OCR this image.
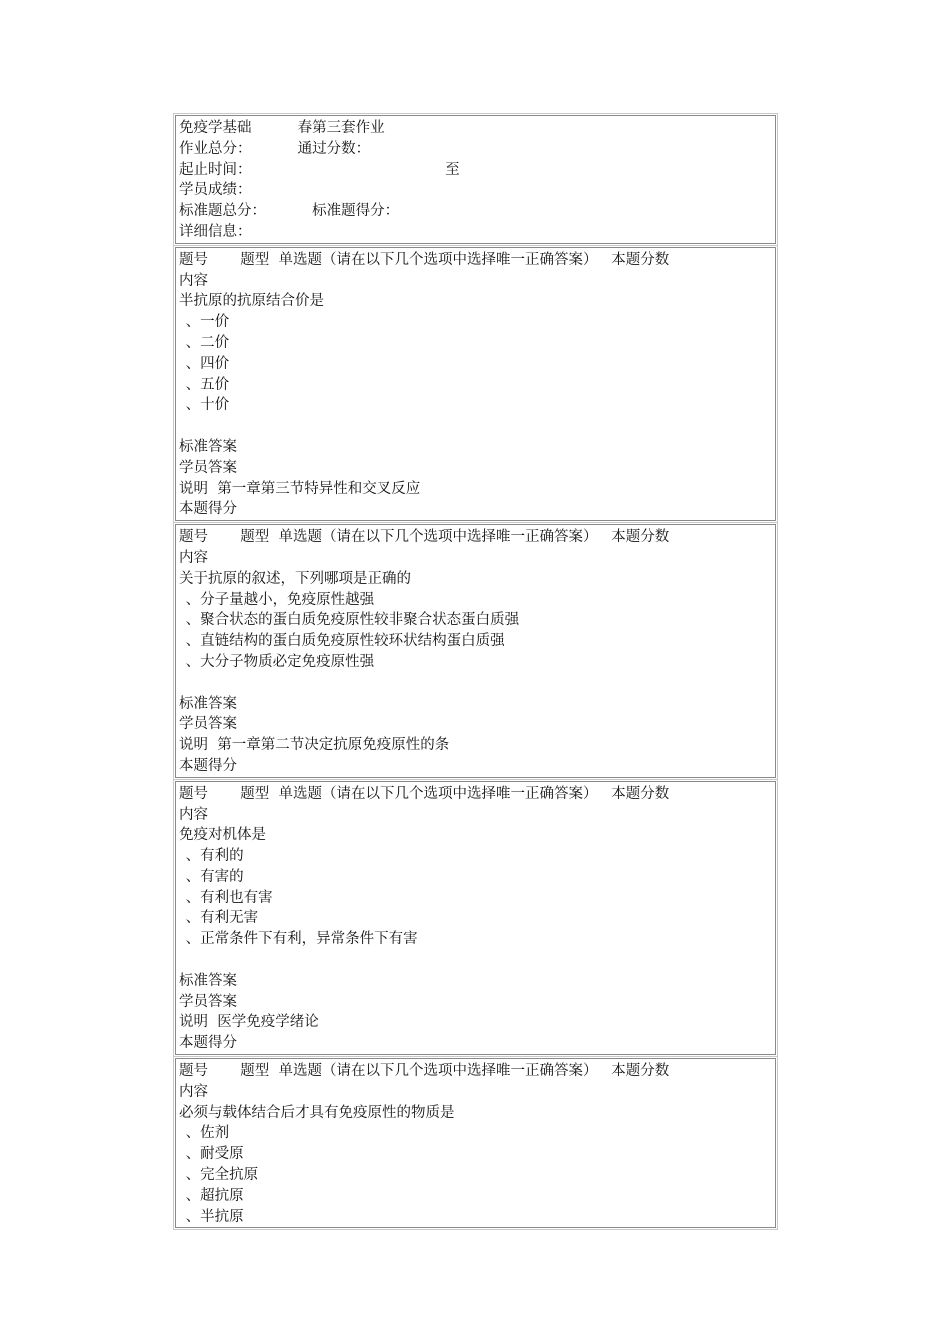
免疫学基础          春第三套作业
作业总分：          通过分数：
起止时间：                                          至
学员成绩：
标准题总分：          标准题得分：
详细信息：
题号       题型  单选题（请在以下几个选项中选择唯一正确答案）   本题分数
内容
半抗原的抗原结合价是
、一价
、二价
、四价
、五价
、十价
标准答案
学员答案
说明  第一章第三节特异性和交叉反应
本题得分
题号       题型  单选题（请在以下几个选项中选择唯一正确答案）   本题分数
内容
关于抗原的叙述，下列哪项是正确的
、分子量越小，免疫原性越强
、聚合状态的蛋白质免疫原性较非聚合状态蛋白质强
、直链结构的蛋白质免疫原性较环状结构蛋白质强
、大分子物质必定免疫原性强
标准答案
学员答案
说明  第一章第二节决定抗原免疫原性的条
本题得分
题号       题型  单选题（请在以下几个选项中选择唯一正确答案）   本题分数
内容
免疫对机体是
、有利的
、有害的
、有利也有害
、有利无害
、正常条件下有利，异常条件下有害
标准答案
学员答案
说明  医学免疫学绪论
本题得分
题号       题型  单选题（请在以下几个选项中选择唯一正确答案）   本题分数
内容
必须与载体结合后才具有免疫原性的物质是
、佐剂
、耐受原
、完全抗原
、超抗原
、半抗原
